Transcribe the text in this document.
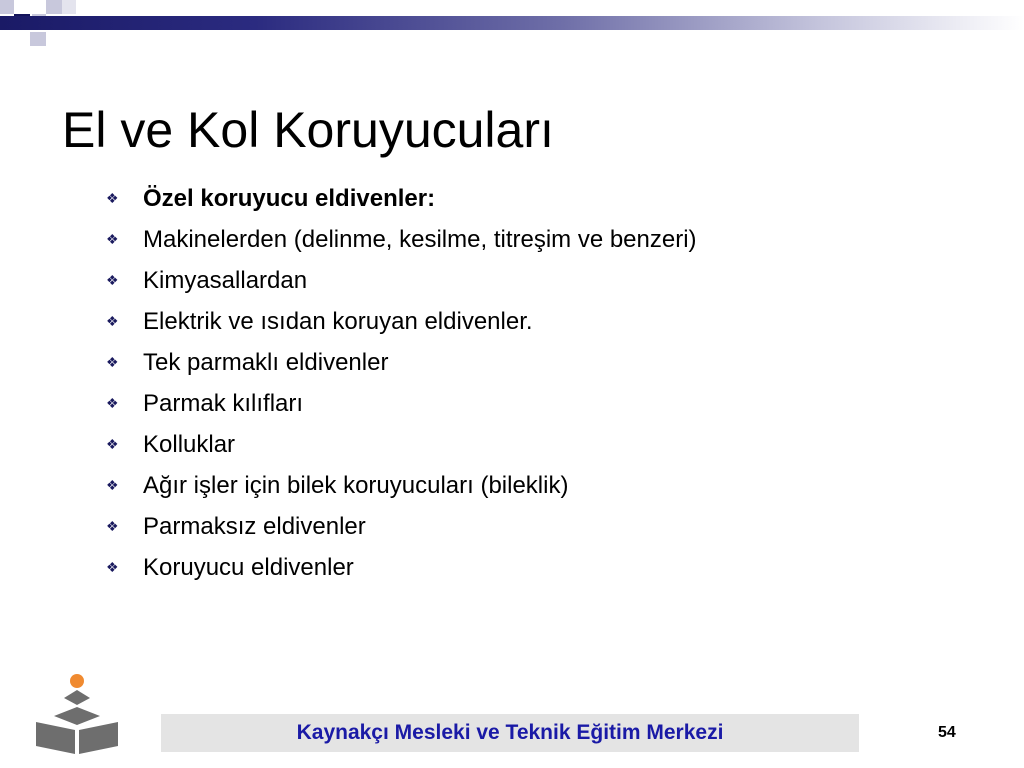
El ve Kol Koruyucuları
❖	Özel koruyucu eldivenler:
❖	Makinelerden (delinme, kesilme, titreşim ve benzeri)
❖	Kimyasallardan
❖	Elektrik ve ısıdan koruyan eldivenler.
❖	Tek parmaklı eldivenler
❖	Parmak kılıfları
❖	Kolluklar
❖	Ağır işler için bilek koruyucuları (bileklik)
❖	Parmaksız eldivenler
❖	Koruyucu eldivenler
Kaynakçı Mesleki ve Teknik Eğitim Merkezi	54
